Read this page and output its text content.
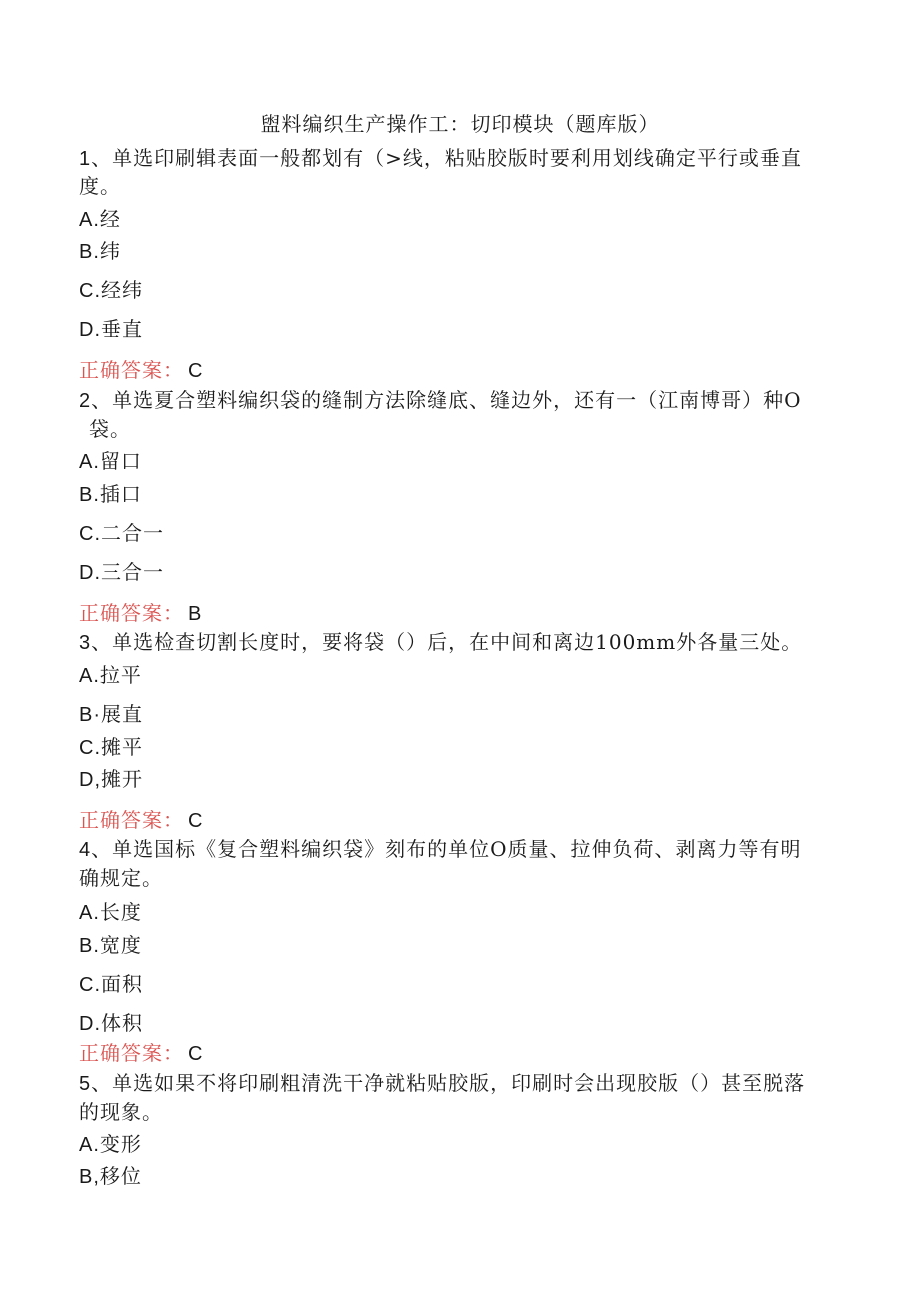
盥料编织生产操作工：切印模块（题库版）
1、单选印刷辑表面一般都划有（>线，粘贴胶版时要利用划线确定平行或垂直
度。
A.经
B.纬
C.经纬
D.垂直
正确答案： C
2、单选夏合塑料编织袋的缝制方法除缝底、缝边外，还有一（江南博哥）种O
袋。
A.留口
B.插口
C.二合一
D.三合一
正确答案： B
3、单选检查切割长度时，要将袋（）后，在中间和离边100mm外各量三处。
A.拉平
B·展直
C.摊平
D,摊开
正确答案： C
4、单选国标《复合塑料编织袋》刻布的单位O质量、拉伸负荷、剥离力等有明
确规定。
A.长度
B.宽度
C.面积
D.体积
正确答案： C
5、单选如果不将印刷粗清洗干净就粘贴胶版，印刷时会出现胶版（）甚至脱落
的现象。
A.变形
B,移位
